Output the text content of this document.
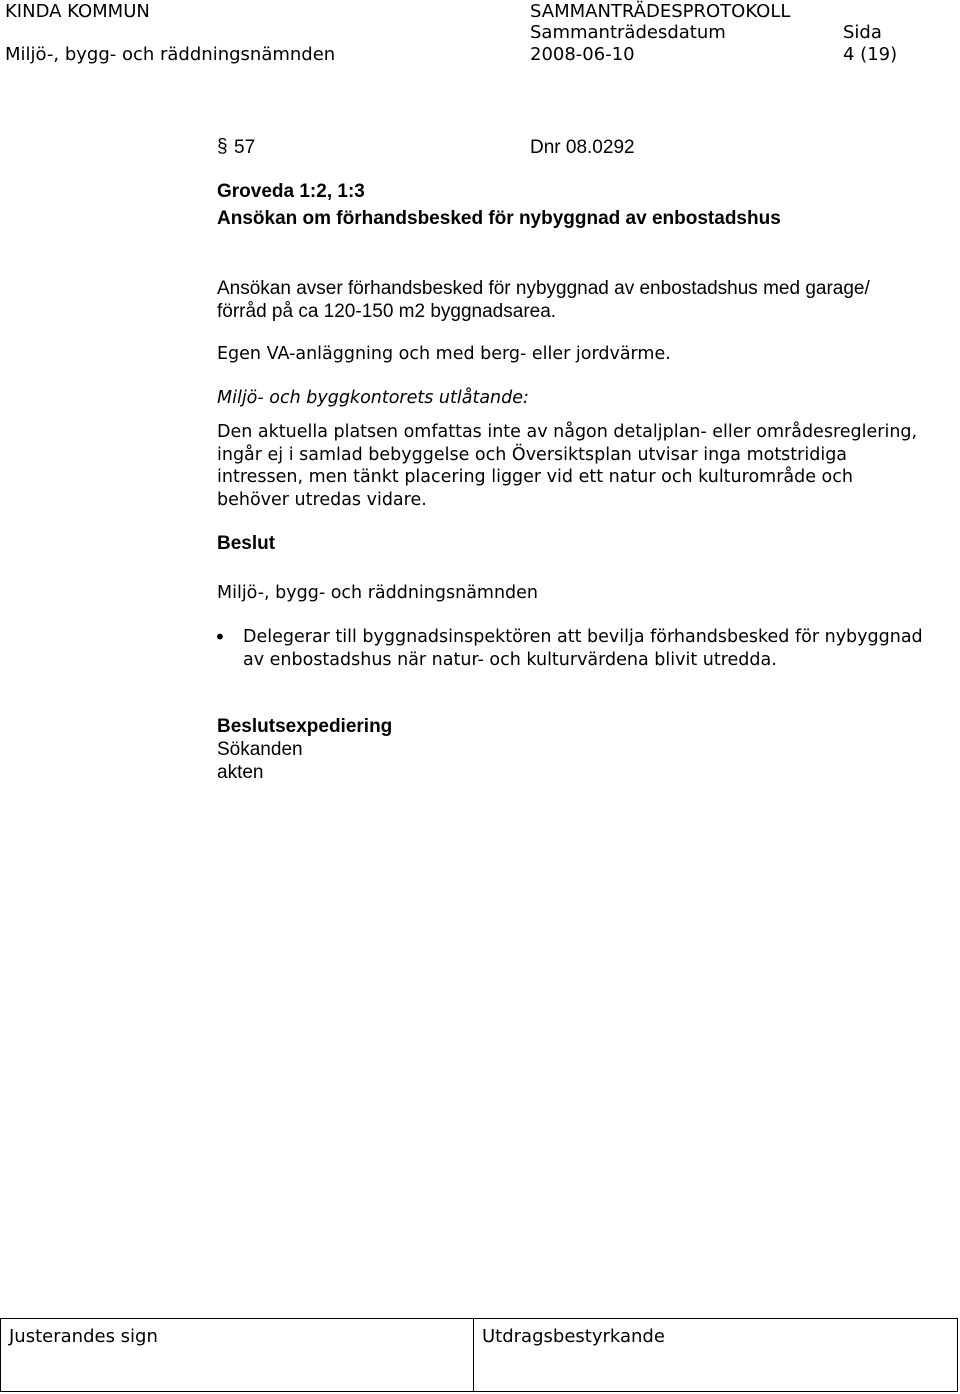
KINDA KOMMUN	SAMMANTRÄDESPROTOKOLL
Miljö-, bygg- och räddningsnämnden
Sammanträdesdatum
2008-06-10
Sida
4 (19)
§ 57	Dnr 08.0292
Groveda 1:2, 1:3
Ansökan om förhandsbesked för nybyggnad av enbostadshus
Ansökan avser förhandsbesked för nybyggnad av enbostadshus med garage/
förråd på ca 120-150 m2 byggnadsarea.
Egen VA-anläggning och med berg- eller jordvärme.
Miljö- och byggkontorets utlåtande:
Den aktuella platsen omfattas inte av någon detaljplan- eller områdesreglering,
ingår ej i samlad bebyggelse och Översiktsplan utvisar inga motstridiga
intressen, men tänkt placering ligger vid ett natur och kulturområde och
behöver utredas vidare.
Beslut
Miljö-, bygg- och räddningsnämnden
• Delegerar till byggnadsinspektören att bevilja förhandsbesked för nybyggnad
av enbostadshus när natur- och kulturvärdena blivit utredda.
Beslutsexpediering
Sökanden
akten
Justerandes sign	Utdragsbestyrkande
